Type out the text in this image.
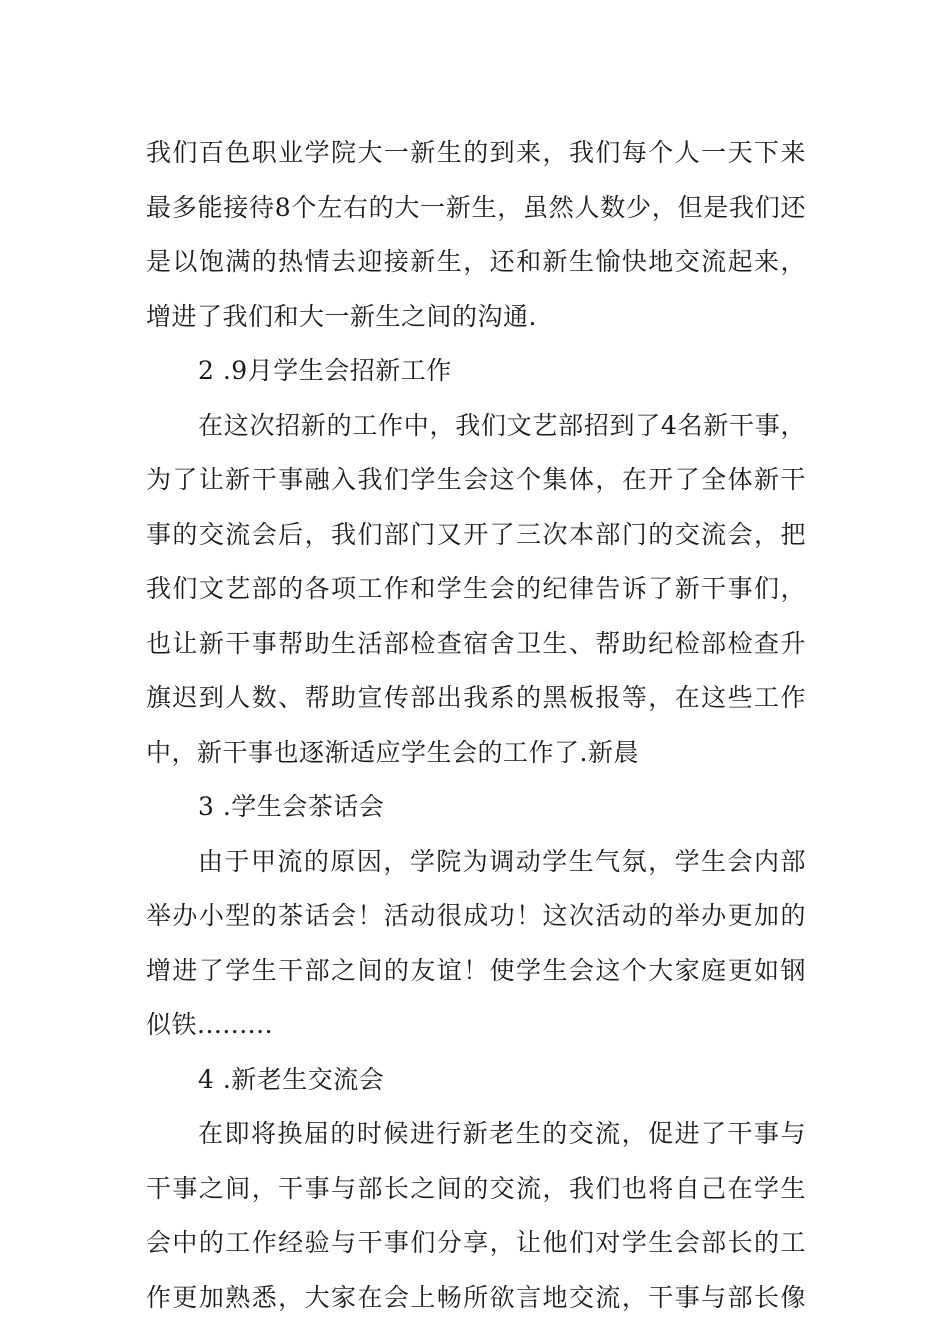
我们百色职业学院大一新生的到来，我们每个人一天下来
最多能接待8个左右的大一新生，虽然人数少，但是我们还
是以饱满的热情去迎接新生，还和新生愉快地交流起来，
增进了我们和大一新生之间的沟通.
2 .9月学生会招新工作
在这次招新的工作中，我们文艺部招到了4名新干事，
为了让新干事融入我们学生会这个集体，在开了全体新干
事的交流会后，我们部门又开了三次本部门的交流会，把
我们文艺部的各项工作和学生会的纪律告诉了新干事们，
也让新干事帮助生活部检查宿舍卫生、帮助纪检部检查升
旗迟到人数、帮助宣传部出我系的黑板报等，在这些工作
中，新干事也逐渐适应学生会的工作了.新晨
3 .学生会茶话会
由于甲流的原因，学院为调动学生气氛，学生会内部
举办小型的茶话会！活动很成功！这次活动的举办更加的
增进了学生干部之间的友谊！使学生会这个大家庭更如钢
似铁.........
4 .新老生交流会
在即将换届的时候进行新老生的交流，促进了干事与
干事之间，干事与部长之间的交流，我们也将自己在学生
会中的工作经验与干事们分享，让他们对学生会部长的工
作更加熟悉，大家在会上畅所欲言地交流，干事与部长像
